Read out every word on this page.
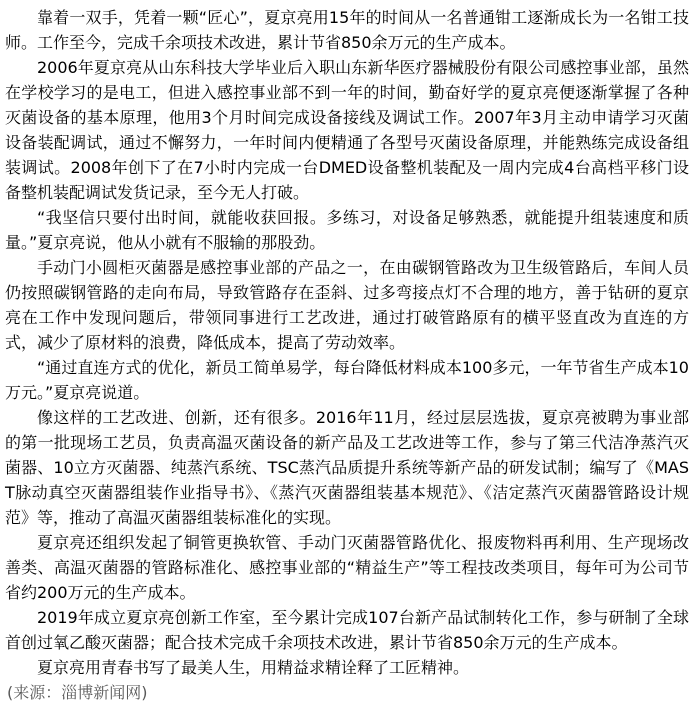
靠着一双手，凭着一颗“匠心”，夏京亮用15年的时间从一名普通钳工逐渐成长为一名钳工技师。工作至今，完成千余项技术改进，累计节省850余万元的生产成本。

2006年夏京亮从山东科技大学毕业后入职山东新华医疗器械股份有限公司感控事业部，虽然在学校学习的是电工，但进入感控事业部不到一年的时间，勤奋好学的夏京亮便逐渐掌握了各种灭菌设备的基本原理，他用3个月时间完成设备接线及调试工作。2007年3月主动申请学习灭菌设备装配调试，通过不懈努力，一年时间内便精通了各型号灭菌设备原理，并能熟练完成设备组装调试。2008年创下了在7小时内完成一台DMED设备整机装配及一周内完成4台高档平移门设备整机装配调试发货记录，至今无人打破。

“我坚信只要付出时间，就能收获回报。多练习，对设备足够熟悉，就能提升组装速度和质量。”夏京亮说，他从小就有不服输的那股劲。

手动门小圆柜灭菌器是感控事业部的产品之一，在由碳钢管路改为卫生级管路后，车间人员仍按照碳钢管路的走向布局，导致管路存在歪斜、过多弯接点灯不合理的地方，善于钻研的夏京亮在工作中发现问题后，带领同事进行工艺改进，通过打破管路原有的横平竖直改为直连的方式，减少了原材料的浪费，降低成本，提高了劳动效率。

“通过直连方式的优化，新员工简单易学，每台降低材料成本100多元，一年节省生产成本10万元。”夏京亮说道。

像这样的工艺改进、创新，还有很多。2016年11月，经过层层选拔，夏京亮被聘为事业部的第一批现场工艺员，负责高温灭菌设备的新产品及工艺改进等工作，参与了第三代洁净蒸汽灭菌器、10立方灭菌器、纯蒸汽系统、TSC蒸汽品质提升系统等新产品的研发试制；编写了《MAST脉动真空灭菌器组装作业指导书》、《蒸汽灭菌器组装基本规范》、《洁定蒸汽灭菌器管路设计规范》等，推动了高温灭菌器组装标准化的实现。

夏京亮还组织发起了铜管更换软管、手动门灭菌器管路优化、报废物料再利用、生产现场改善类、高温灭菌器的管路标准化、感控事业部的“精益生产”等工程技改类项目，每年可为公司节省约200万元的生产成本。

2019年成立夏京亮创新工作室，至今累计完成107台新产品试制转化工作，参与研制了全球首创过氧乙酸灭菌器；配合技术完成千余项技术改进，累计节省850余万元的生产成本。

夏京亮用青春书写了最美人生，用精益求精诠释了工匠精神。

(来源：淄博新闻网)
